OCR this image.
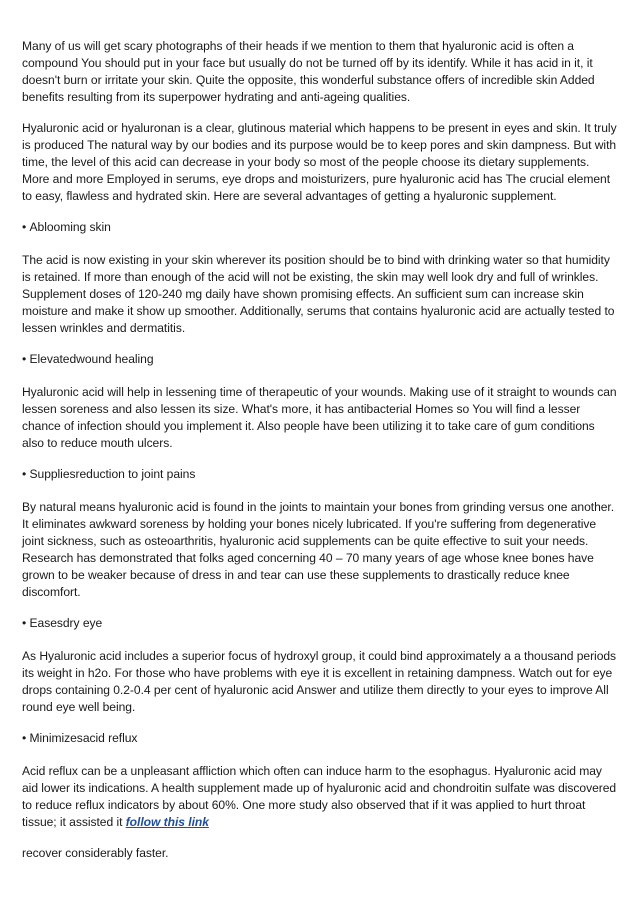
Many of us will get scary photographs of their heads if we mention to them that hyaluronic acid is often a compound You should put in your face but usually do not be turned off by its identify. While it has acid in it, it doesn't burn or irritate your skin. Quite the opposite, this wonderful substance offers of incredible skin Added benefits resulting from its superpower hydrating and anti-ageing qualities.

Hyaluronic acid or hyaluronan is a clear, glutinous material which happens to be present in eyes and skin. It truly is produced The natural way by our bodies and its purpose would be to keep pores and skin dampness. But with time, the level of this acid can decrease in your body so most of the people choose its dietary supplements. More and more Employed in serums, eye drops and moisturizers, pure hyaluronic acid has The crucial element to easy, flawless and hydrated skin. Here are several advantages of getting a hyaluronic supplement.

• Ablooming skin

The acid is now existing in your skin wherever its position should be to bind with drinking water so that humidity is retained. If more than enough of the acid will not be existing, the skin may well look dry and full of wrinkles. Supplement doses of 120-240 mg daily have shown promising effects. An sufficient sum can increase skin moisture and make it show up smoother. Additionally, serums that contains hyaluronic acid are actually tested to lessen wrinkles and dermatitis.

• Elevatedwound healing

Hyaluronic acid will help in lessening time of therapeutic of your wounds. Making use of it straight to wounds can lessen soreness and also lessen its size. What's more, it has antibacterial Homes so You will find a lesser chance of infection should you implement it. Also people have been utilizing it to take care of gum conditions also to reduce mouth ulcers.

• Suppliesreduction to joint pains

By natural means hyaluronic acid is found in the joints to maintain your bones from grinding versus one another. It eliminates awkward soreness by holding your bones nicely lubricated. If you're suffering from degenerative joint sickness, such as osteoarthritis, hyaluronic acid supplements can be quite effective to suit your needs. Research has demonstrated that folks aged concerning 40 – 70 many years of age whose knee bones have grown to be weaker because of dress in and tear can use these supplements to drastically reduce knee discomfort.

• Easesdry eye

As Hyaluronic acid includes a superior focus of hydroxyl group, it could bind approximately a a thousand periods its weight in h2o. For those who have problems with eye it is excellent in retaining dampness. Watch out for eye drops containing 0.2-0.4 per cent of hyaluronic acid Answer and utilize them directly to your eyes to improve All round eye well being.

• Minimizesacid reflux

Acid reflux can be a unpleasant affliction which often can induce harm to the esophagus. Hyaluronic acid may aid lower its indications. A health supplement made up of hyaluronic acid and chondroitin sulfate was discovered to reduce reflux indicators by about 60%. One more study also observed that if it was applied to hurt throat tissue; it assisted it follow this link

recover considerably faster.
